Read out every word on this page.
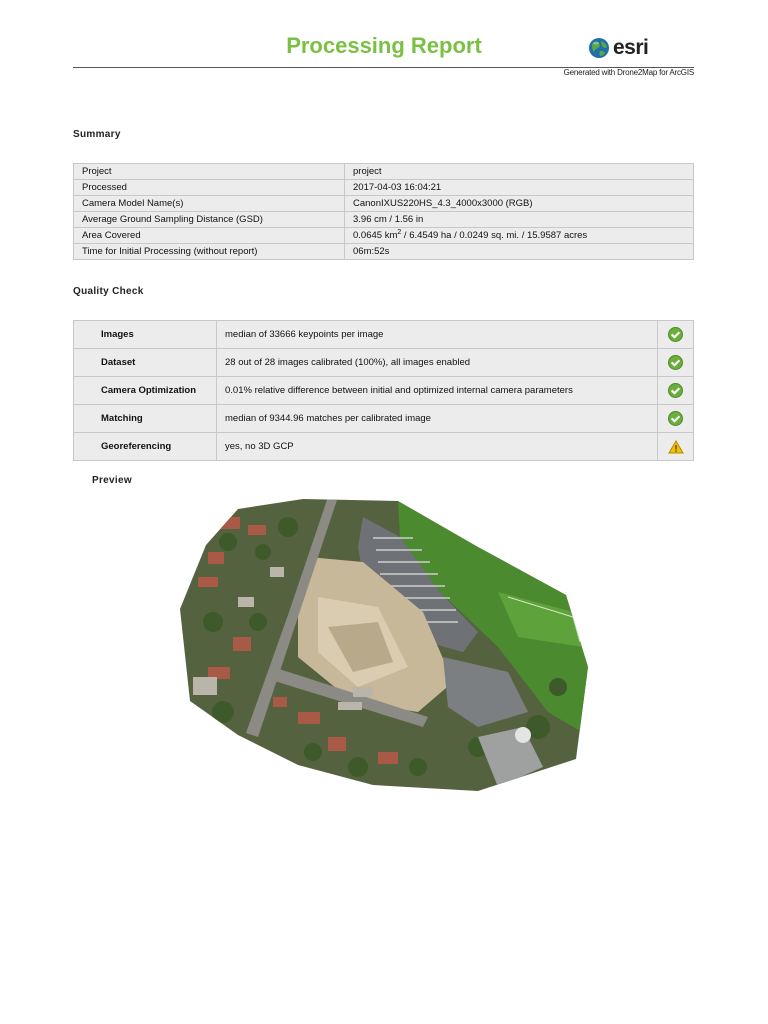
Processing Report	esri
Generated with Drone2Map for ArcGIS
Summary
Project	project
Processed	2017-04-03 16:04:21
Camera Model Name(s)	CanonIXUS220HS_4.3_4000x3000 (RGB)
Average Ground Sampling Distance (GSD)	3.96 cm / 1.56 in
Area Covered	0.0645 $km^2 / 6.4549$ ha / 0.0249 sq. mi. / 15.9587 acres
Time for Initial Processing (without report)	06m:52s
Quality Check
Images	median of 33666 keypoints per image	
Dataset	28 out of 28 images calibrated (100%), all images enabled	
Camera Optimization	0.01% relative difference between initial and optimized internal camera parameters	
Matching	median of 9344.96 matches per calibrated image	
Georeferencing	yes, no 3D GCP	
Preview
